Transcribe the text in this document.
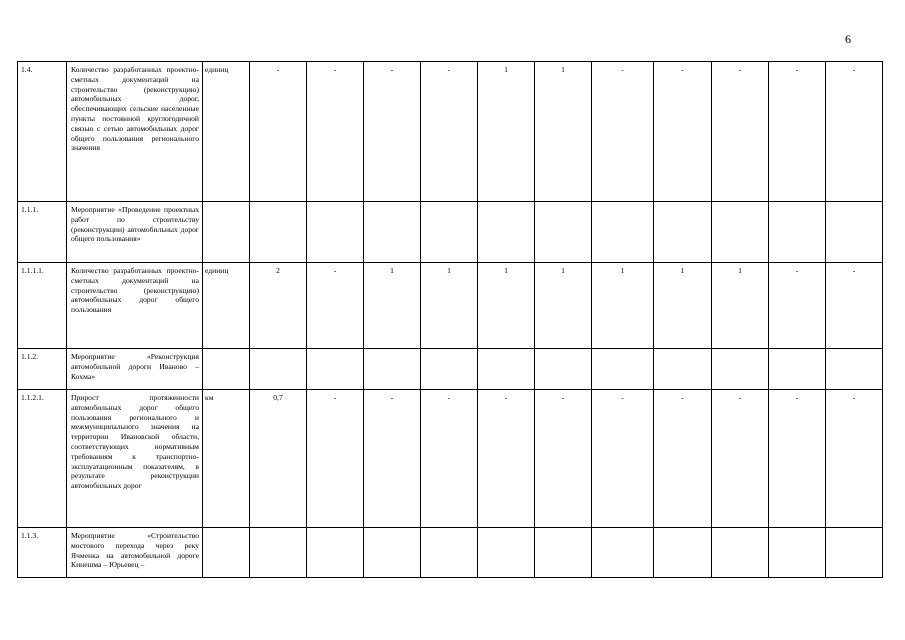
6
1.4.	Количество разработанных проектно-сметных документаций на строительство (реконструкцию) автомобильных дорог, обеспечивающих сельские населенные пункты постоянной круглогодичной связью с сетью автомобильных дорог общего пользования регионального значения	единиц	-	-	-	-	1	1	-	-	-	-	-
1.1.1.	Мероприятие «Проведение проектных работ по строительству (реконструкции) автомобильных дорог общего пользования»												
1.1.1.1.	Количество разработанных проектно-сметных документаций на строительство (реконструкцию) автомобильных дорог общего пользования	единиц	2	-	1	1	1	1	1	1	1	-	-
1.1.2.	Мероприятие «Реконструкция автомобильной дороги Иваново – Кохма»												
1.1.2.1.	Прирост протяженности автомобильных дорог общего пользования регионального и межмуниципального значения на территории Ивановской области, соответствующих нормативным требованиям к транспортно-эксплуатационным показателям, в результате реконструкции автомобильных дорог	км	0,7	-	-	-	-	-	-	-	-	-	-
1.1.3.	Мероприятие «Строительство мостового перехода через реку Ячменка на автомобильной дороге Кинешма – Юрьевец –												
